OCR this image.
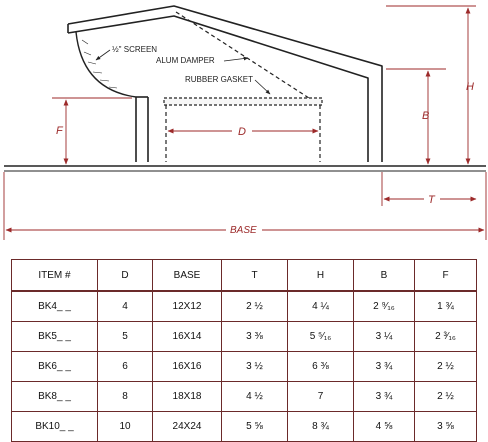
½" SCREEN
ALUM DAMPER
RUBBER GASKET
F	D
H
B
T
BASE
ITEM #	D	BASE	T	H	B	F
BK4_ _	4	12X12	2 ½	4 ¼	2 ⁹⁄₁₆	1 ¾
BK5_ _	5	16X14	3 ⅜	5 ⁵⁄₁₆	3 ¼	2 ³⁄₁₆
BK6_ _	6	16X16	3 ½	6 ⅜	3 ¾	2 ½
BK8_ _	8	18X18	4 ½	7	3 ¾	2 ½
BK10_ _	10	24X24	5 ⅝	8 ¾	4 ⅝	3 ⅝
